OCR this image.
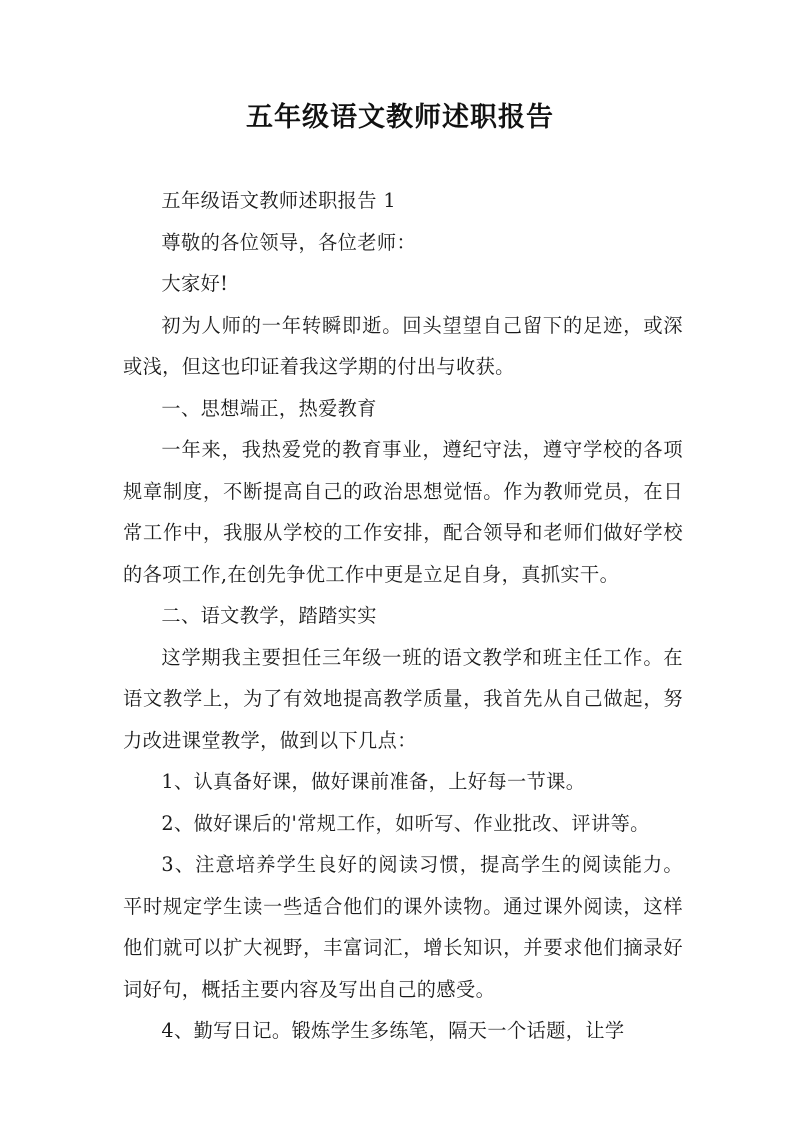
五年级语文教师述职报告

五年级语文教师述职报告 1

尊敬的各位领导，各位老师：

大家好!

初为人师的一年转瞬即逝。回头望望自己留下的足迹，或深或浅，但这也印证着我这学期的付出与收获。

一、思想端正，热爱教育

一年来，我热爱党的教育事业，遵纪守法，遵守学校的各项规章制度，不断提高自己的政治思想觉悟。作为教师党员，在日常工作中，我服从学校的工作安排，配合领导和老师们做好学校的各项工作,在创先争优工作中更是立足自身，真抓实干。

二、语文教学，踏踏实实

这学期我主要担任三年级一班的语文教学和班主任工作。在语文教学上，为了有效地提高教学质量，我首先从自己做起，努力改进课堂教学，做到以下几点：

1、认真备好课，做好课前准备，上好每一节课。

2、做好课后的'常规工作，如听写、作业批改、评讲等。

3、注意培养学生良好的阅读习惯，提高学生的阅读能力。平时规定学生读一些适合他们的课外读物。通过课外阅读，这样他们就可以扩大视野，丰富词汇，增长知识，并要求他们摘录好词好句，概括主要内容及写出自己的感受。

4、勤写日记。锻炼学生多练笔，隔天一个话题，让学
